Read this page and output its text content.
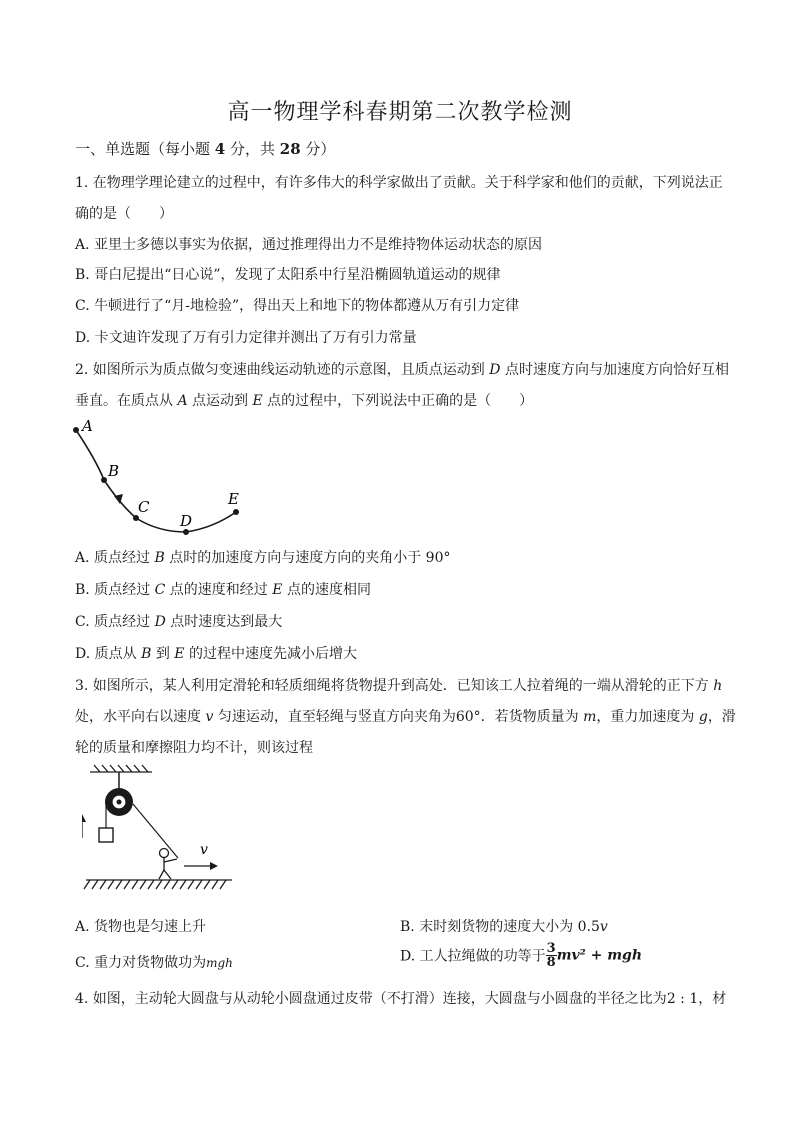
高一物理学科春期第二次教学检测
一、单选题（每小题 4 分，共 28 分）
1. 在物理学理论建立的过程中，有许多伟大的科学家做出了贡献。关于科学家和他们的贡献，下列说法正
确的是（　　）
A. 亚里士多德以事实为依据，通过推理得出力不是维持物体运动状态的原因
B. 哥白尼提出“日心说”，发现了太阳系中行星沿椭圆轨道运动的规律
C. 牛顿进行了“月-地检验”，得出天上和地下的物体都遵从万有引力定律
D. 卡文迪许发现了万有引力定律并测出了万有引力常量
2. 如图所示为质点做匀变速曲线运动轨迹的示意图，且质点运动到 D 点时速度方向与加速度方向恰好互相
垂直。在质点从 A 点运动到 E 点的过程中，下列说法中正确的是（　　）
A
B
C
D
E
A. 质点经过 B 点时的加速度方向与速度方向的夹角小于 90°
B. 质点经过 C 点的速度和经过 E 点的速度相同
C. 质点经过 D 点时速度达到最大
D. 质点从 B 到 E 的过程中速度先减小后增大
3. 如图所示，某人利用定滑轮和轻质细绳将货物提升到高处．已知该工人拉着绳的一端从滑轮的正下方 h
处，水平向右以速度 v 匀速运动，直至轻绳与竖直方向夹角为60°．若货物质量为 m，重力加速度为 g，滑
轮的质量和摩擦阻力均不计，则该过程
v
A. 货物也是匀速上升	B. 末时刻货物的速度大小为 0.5v
C. 重力对货物做功为mgh	D. 工人拉绳做的功等于 $\frac{3}{8} mv^2$ + mgh
4. 如图，主动轮大圆盘与从动轮小圆盘通过皮带（不打滑）连接，大圆盘与小圆盘的半径之比为2 : 1，材
